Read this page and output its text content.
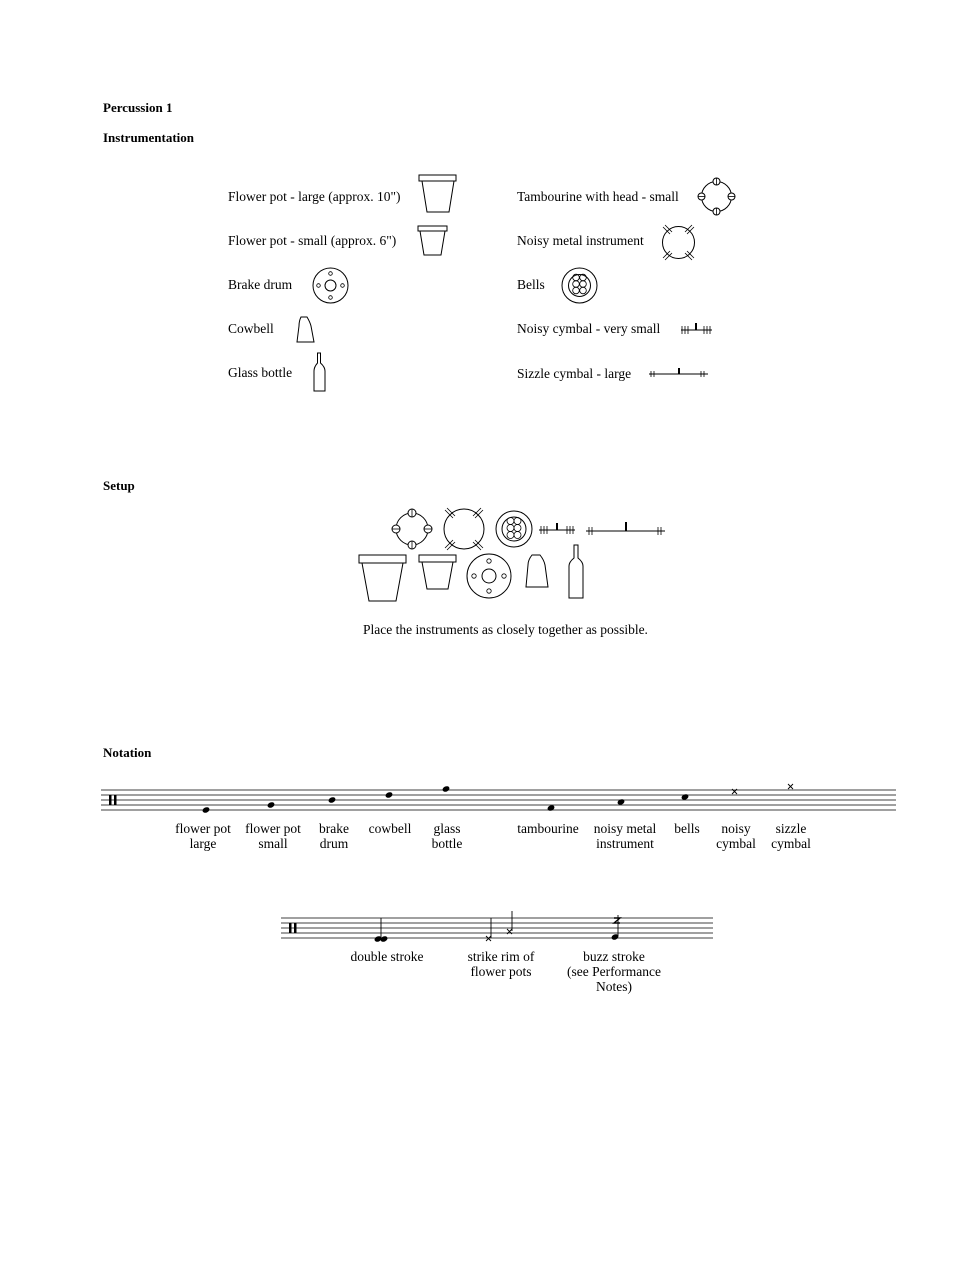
Percussion 1
Instrumentation
Flower pot - large (approx. 10")
Flower pot - small (approx. 6")
Brake drum
Cowbell
Glass bottle
Tambourine with head - small
Noisy metal instrument
Bells
Noisy cymbal - very small
Sizzle cymbal - large
Setup
Place the instruments as closely together as possible.
Notation
flower pot
large
flower pot
small
brake
drum
cowbell glass
bottle
tambourine noisy metal
instrument
bells	noisy
cymbal
sizzle
cymbal
double stroke	strike rim of
flower pots
buzz stroke
(see Performance
Notes)
